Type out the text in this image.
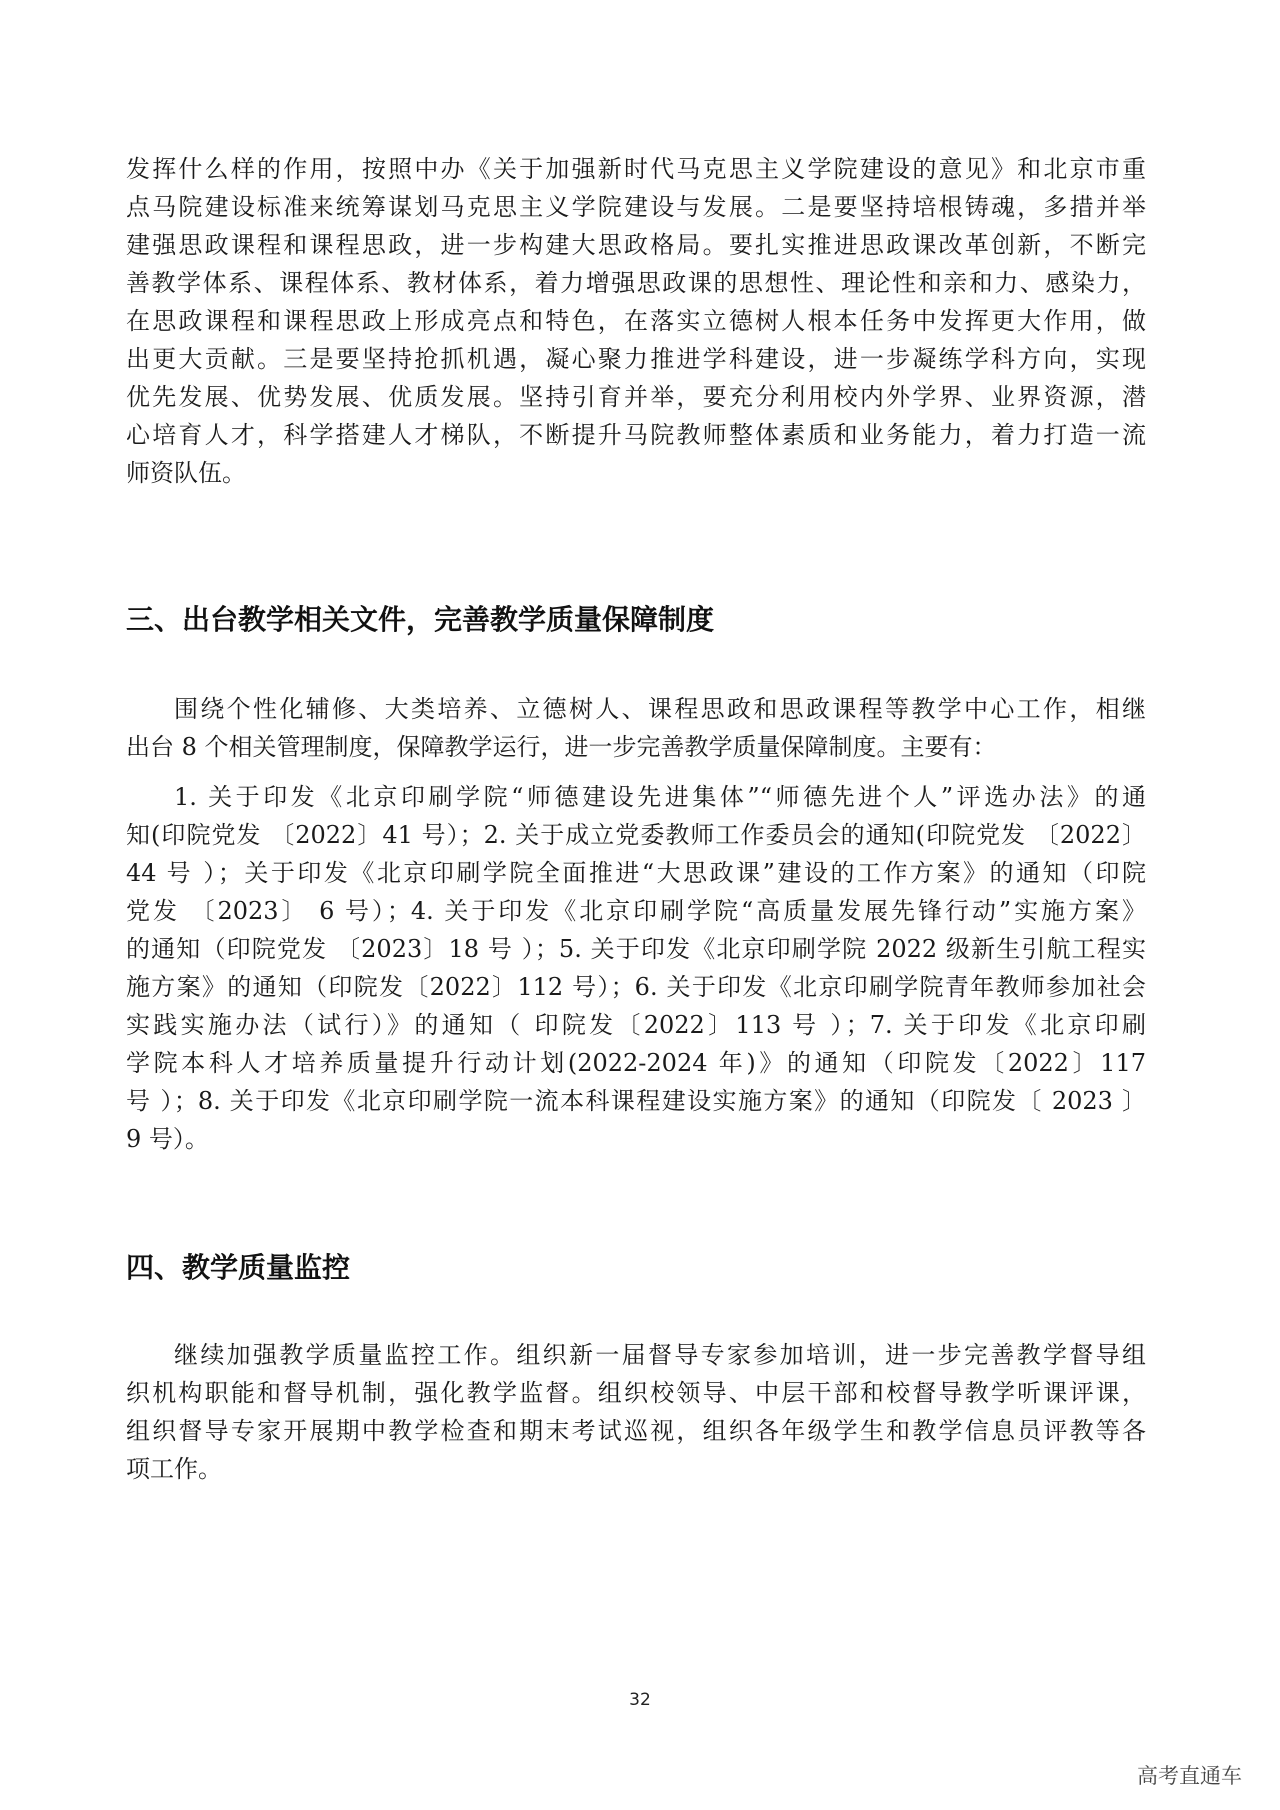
发挥什么样的作用，按照中办《关于加强新时代马克思主义学院建设的意见》和北京市重
点马院建设标准来统筹谋划马克思主义学院建设与发展。二是要坚持培根铸魂，多措并举
建强思政课程和课程思政，进一步构建大思政格局。要扎实推进思政课改革创新，不断完
善教学体系、课程体系、教材体系，着力增强思政课的思想性、理论性和亲和力、感染力，
在思政课程和课程思政上形成亮点和特色，在落实立德树人根本任务中发挥更大作用，做
出更大贡献。三是要坚持抢抓机遇，凝心聚力推进学科建设，进一步凝练学科方向，实现
优先发展、优势发展、优质发展。坚持引育并举，要充分利用校内外学界、业界资源，潜
心培育人才，科学搭建人才梯队，不断提升马院教师整体素质和业务能力，着力打造一流
师资队伍。
三、出台教学相关文件，完善教学质量保障制度
围绕个性化辅修、大类培养、立德树人、课程思政和思政课程等教学中心工作，相继
出台 8 个相关管理制度，保障教学运行，进一步完善教学质量保障制度。主要有：
1. 关于印发《北京印刷学院“师德建设先进集体”“师德先进个人”评选办法》的通
知(印院党发 〔2022〕41 号）；2. 关于成立党委教师工作委员会的通知(印院党发 〔2022〕
44 号 ）；关于印发《北京印刷学院全面推进“大思政课”建设的工作方案》的通知（印院
党发 〔2023〕 6 号）；4. 关于印发《北京印刷学院“高质量发展先锋行动”实施方案》
的通知（印院党发 〔2023〕18 号 ）；5. 关于印发《北京印刷学院 2022 级新生引航工程实
施方案》的通知（印院发〔2022〕112 号）；6. 关于印发《北京印刷学院青年教师参加社会
实践实施办法（试行）》的通知（ 印院发〔2022〕113 号 ）；7. 关于印发《北京印刷
学院本科人才培养质量提升行动计划(2022-2024 年)》的通知（印院发〔2022〕117
号 ）；8. 关于印发《北京印刷学院一流本科课程建设实施方案》的通知（印院发〔 2023 〕
9 号）。
四、教学质量监控
继续加强教学质量监控工作。组织新一届督导专家参加培训，进一步完善教学督导组
织机构职能和督导机制，强化教学监督。组织校领导、中层干部和校督导教学听课评课，
组织督导专家开展期中教学检查和期末考试巡视，组织各年级学生和教学信息员评教等各
项工作。
32
高考直通车
